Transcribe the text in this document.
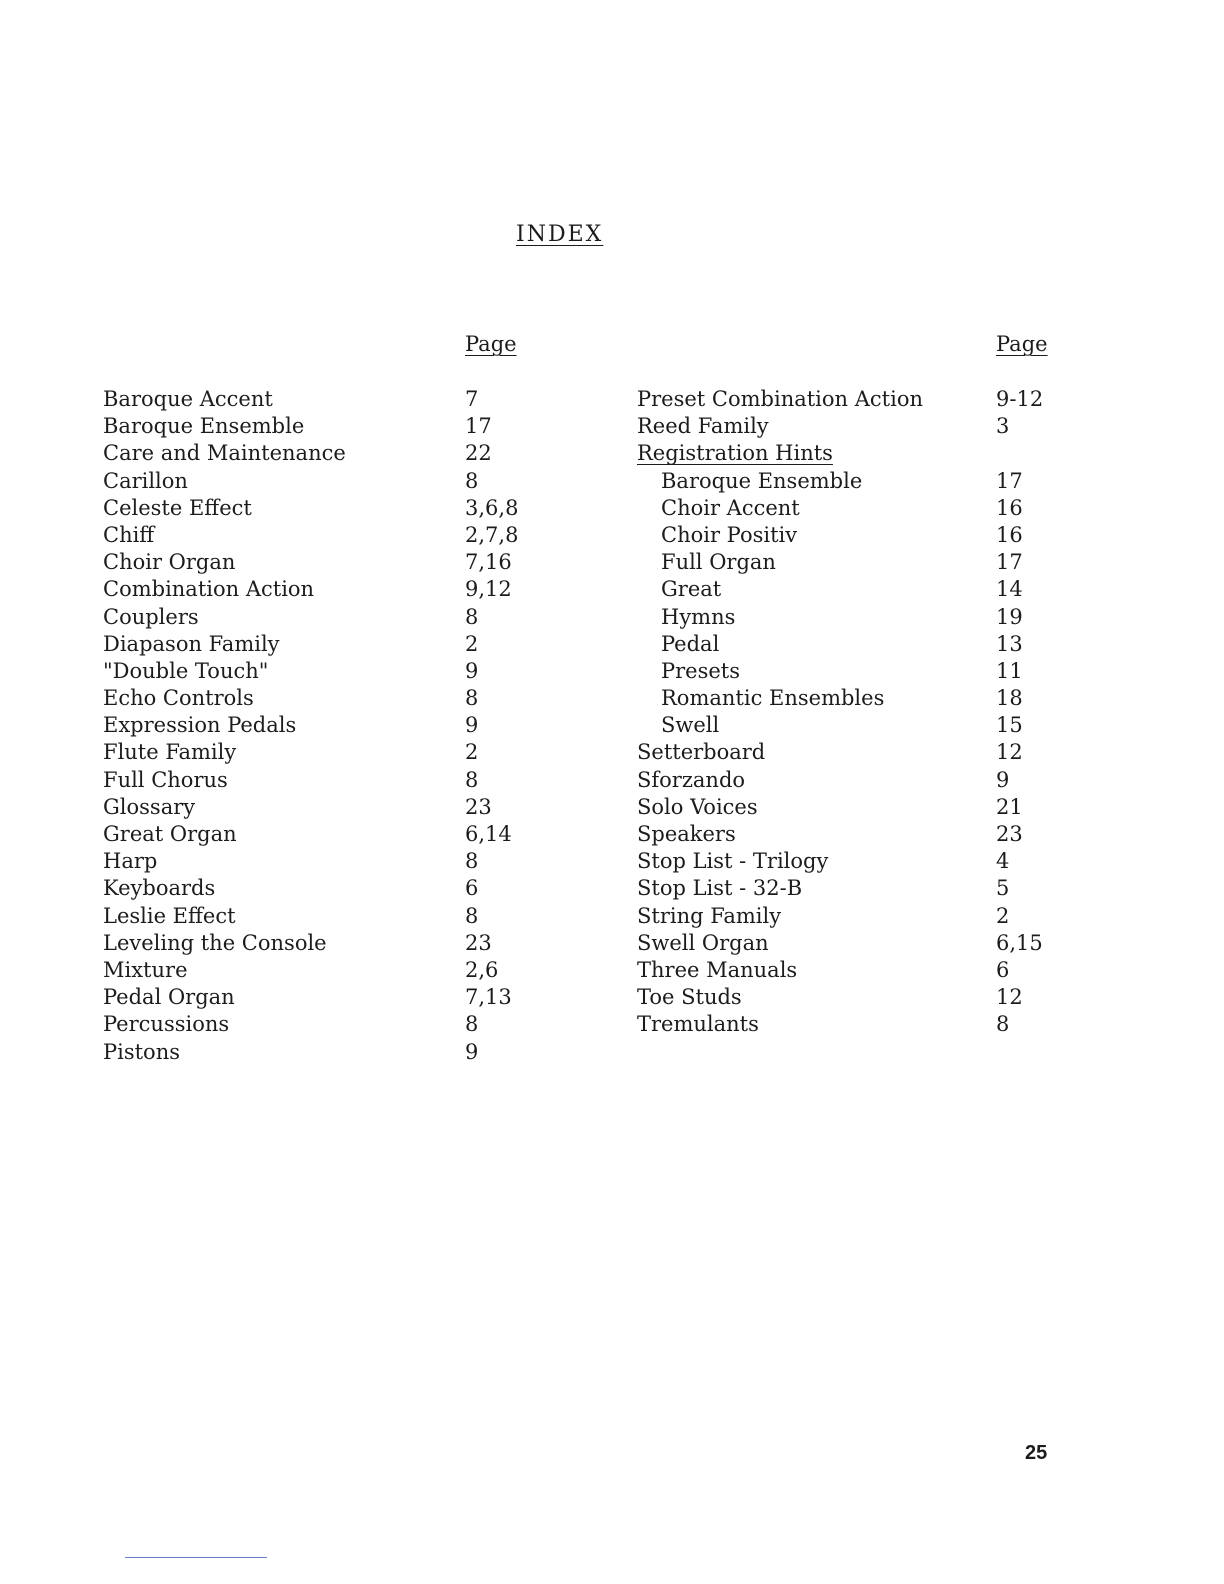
INDEX
Page	Page
Baroque Accent	7
Baroque Ensemble	17
Care and Maintenance	22
Carillon	8
Celeste Effect	3,6,8
Chiff	2,7,8
Choir Organ	7,16
Combination Action	9,12
Couplers	8
Diapason Family	2
"Double Touch"	9
Echo Controls	8
Expression Pedals	9
Flute Family	2
Full Chorus	8
Glossary	23
Great Organ	6,14
Harp	8
Keyboards	6
Leslie Effect	8
Leveling the Console	23
Mixture	2,6
Pedal Organ	7,13
Percussions	8
Pistons	9
Preset Combination Action	9-12
Reed Family	3
Registration Hints
Baroque Ensemble	17
Choir Accent	16
Choir Positiv	16
Full Organ	17
Great	14
Hymns	19
Pedal	13
Presets	11
Romantic Ensembles	18
Swell	15
Setterboard	12
Sforzando	9
Solo Voices	21
Speakers	23
Stop List - Trilogy	4
Stop List - 32-B	5
String Family	2
Swell Organ	6,15
Three Manuals	6
Toe Studs	12
Tremulants	8
25
